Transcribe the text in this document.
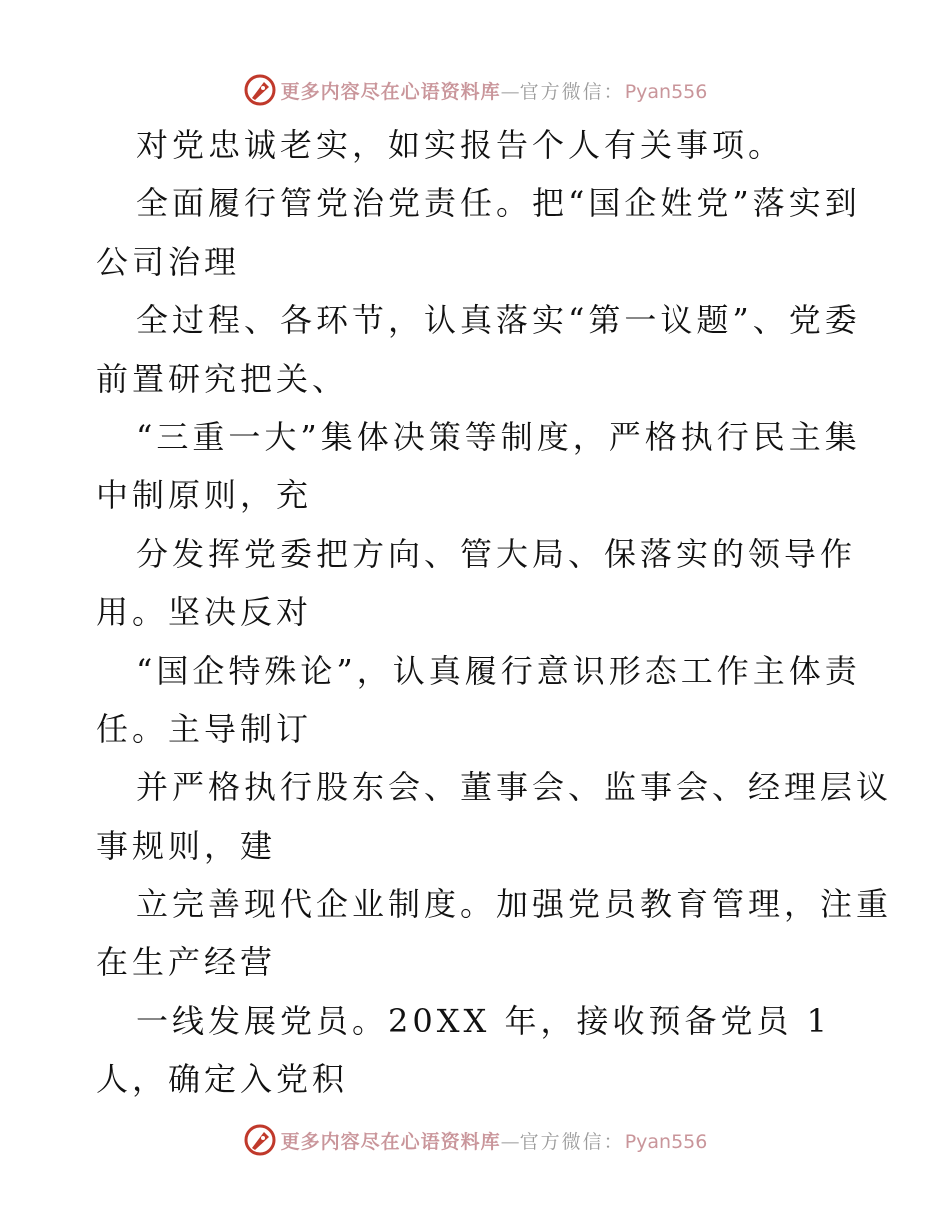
更多内容尽在心语资料库—官方微信：Pyan556
对党忠诚老实，如实报告个人有关事项。
全面履行管党治党责任。把“国企姓党”落实到
公司治理
全过程、各环节，认真落实“第一议题”、党委
前置研究把关、
“三重一大”集体决策等制度，严格执行民主集
中制原则，充
分发挥党委把方向、管大局、保落实的领导作
用。坚决反对
“国企特殊论”，认真履行意识形态工作主体责
任。主导制订
并严格执行股东会、董事会、监事会、经理层议
事规则，建
立完善现代企业制度。加强党员教育管理，注重
在生产经营
一线发展党员。20XX 年，接收预备党员 1
人，确定入党积
更多内容尽在心语资料库—官方微信：Pyan556
